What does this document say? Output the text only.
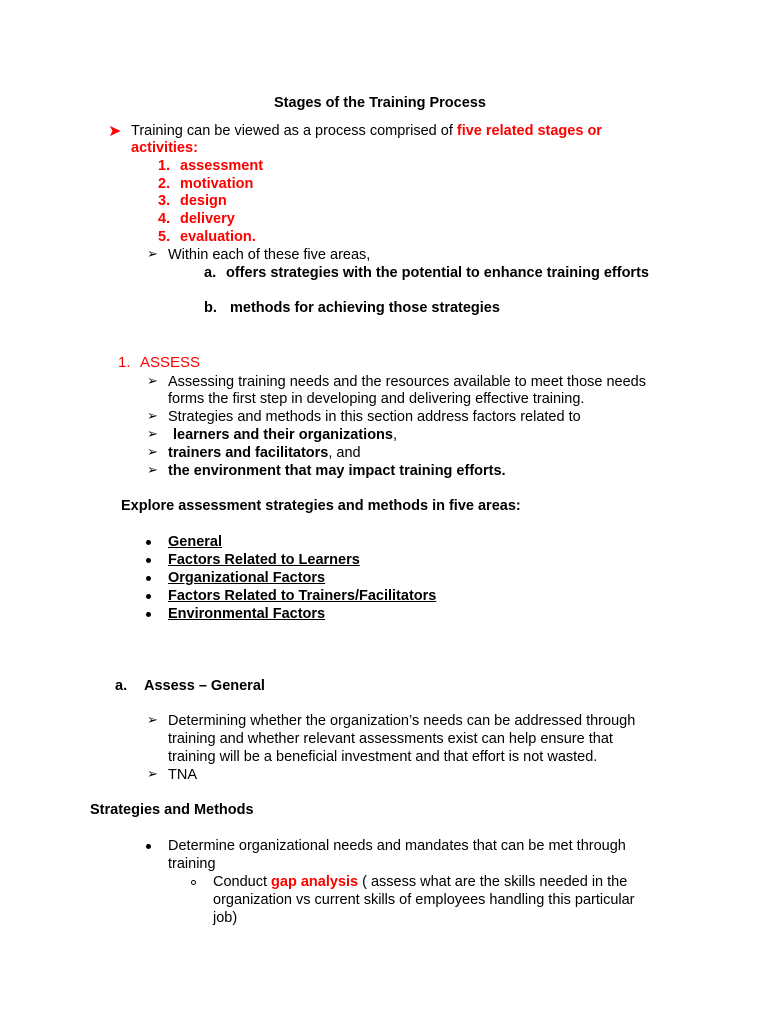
Stages of the Training Process
➤ Training can be viewed as a process comprised of five related stages or
activities:
1. assessment
2. motivation
3. design
4. delivery
5. evaluation.
➢ Within each of these five areas,
a. offers strategies with the potential to enhance training efforts
b. methods for achieving those strategies
1. ASSESS
➢ Assessing training needs and the resources available to meet those needs
forms the first step in developing and delivering effective training.
➢ Strategies and methods in this section address factors related to
➢ learners and their organizations,
➢ trainers and facilitators, and
➢ the environment that may impact training efforts.
Explore assessment strategies and methods in five areas:
General
Factors Related to Learners
Organizational Factors
Factors Related to Trainers/Facilitators
Environmental Factors
a. Assess – General
➢ Determining whether the organization’s needs can be addressed through
training and whether relevant assessments exist can help ensure that
training will be a beneficial investment and that effort is not wasted.
➢ TNA
Strategies and Methods
Determine organizational needs and mandates that can be met through
training
Conduct gap analysis ( assess what are the skills needed in the
organization vs current skills of employees handling this particular
job)
